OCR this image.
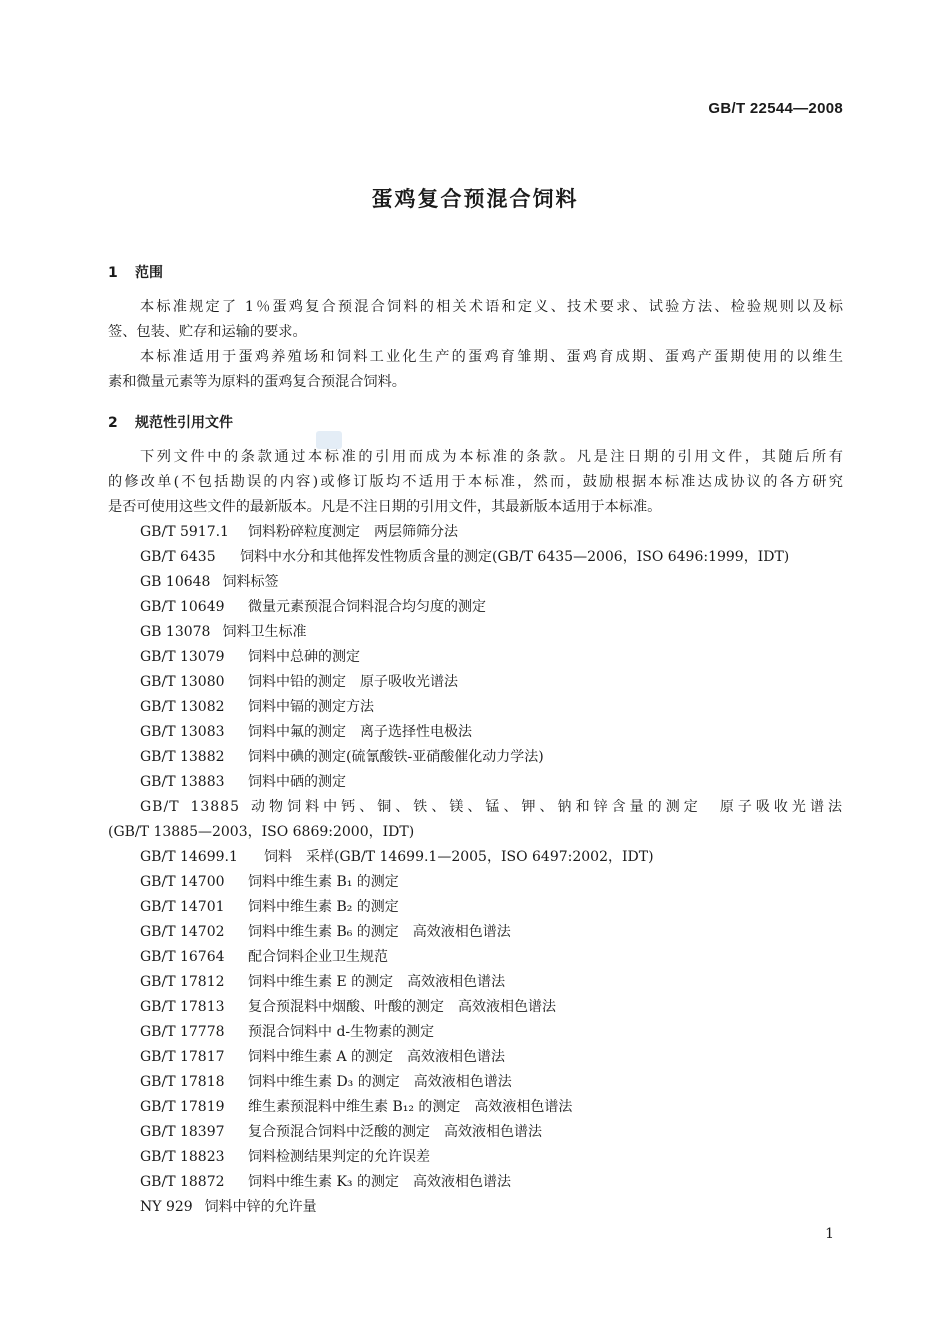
GB/T 22544—2008
蛋鸡复合预混合饲料
1 范围
本标准规定了 1％蛋鸡复合预混合饲料的相关术语和定义、技术要求、试验方法、检验规则以及标
签、包装、贮存和运输的要求。
本标准适用于蛋鸡养殖场和饲料工业化生产的蛋鸡育雏期、蛋鸡育成期、蛋鸡产蛋期使用的以维生
素和微量元素等为原料的蛋鸡复合预混合饲料。
2 规范性引用文件
下列文件中的条款通过本标准的引用而成为本标准的条款。凡是注日期的引用文件，其随后所有
的修改单(不包括勘误的内容)或修订版均不适用于本标准，然而，鼓励根据本标准达成协议的各方研究
是否可使用这些文件的最新版本。凡是不注日期的引用文件，其最新版本适用于本标准。
GB/T 5917.1 饲料粉碎粒度测定　两层筛筛分法
GB/T 6435 饲料中水分和其他挥发性物质含量的测定(GB/T 6435—2006，ISO 6496:1999，IDT)
GB 10648 饲料标签
GB/T 10649 微量元素预混合饲料混合均匀度的测定
GB 13078 饲料卫生标准
GB/T 13079 饲料中总砷的测定
GB/T 13080 饲料中铅的测定　原子吸收光谱法
GB/T 13082 饲料中镉的测定方法
GB/T 13083 饲料中氟的测定　离子选择性电极法
GB/T 13882 饲料中碘的测定(硫氰酸铁-亚硝酸催化动力学法)
GB/T 13883 饲料中硒的测定
GB/T 13885 动物饲料中钙、铜、铁、镁、锰、钾、钠和锌含量的测定　原子吸收光谱法
(GB/T 13885—2003，ISO 6869:2000，IDT)
GB/T 14699.1 饲料　采样(GB/T 14699.1—2005，ISO 6497:2002，IDT)
GB/T 14700 饲料中维生素 B₁ 的测定
GB/T 14701 饲料中维生素 B₂ 的测定
GB/T 14702 饲料中维生素 B₆ 的测定　高效液相色谱法
GB/T 16764 配合饲料企业卫生规范
GB/T 17812 饲料中维生素 E 的测定　高效液相色谱法
GB/T 17813 复合预混料中烟酸、叶酸的测定　高效液相色谱法
GB/T 17778 预混合饲料中 d-生物素的测定
GB/T 17817 饲料中维生素 A 的测定　高效液相色谱法
GB/T 17818 饲料中维生素 D₃ 的测定　高效液相色谱法
GB/T 17819 维生素预混料中维生素 B₁₂ 的测定　高效液相色谱法
GB/T 18397 复合预混合饲料中泛酸的测定　高效液相色谱法
GB/T 18823 饲料检测结果判定的允许误差
GB/T 18872 饲料中维生素 K₃ 的测定　高效液相色谱法
NY 929 饲料中锌的允许量
1
